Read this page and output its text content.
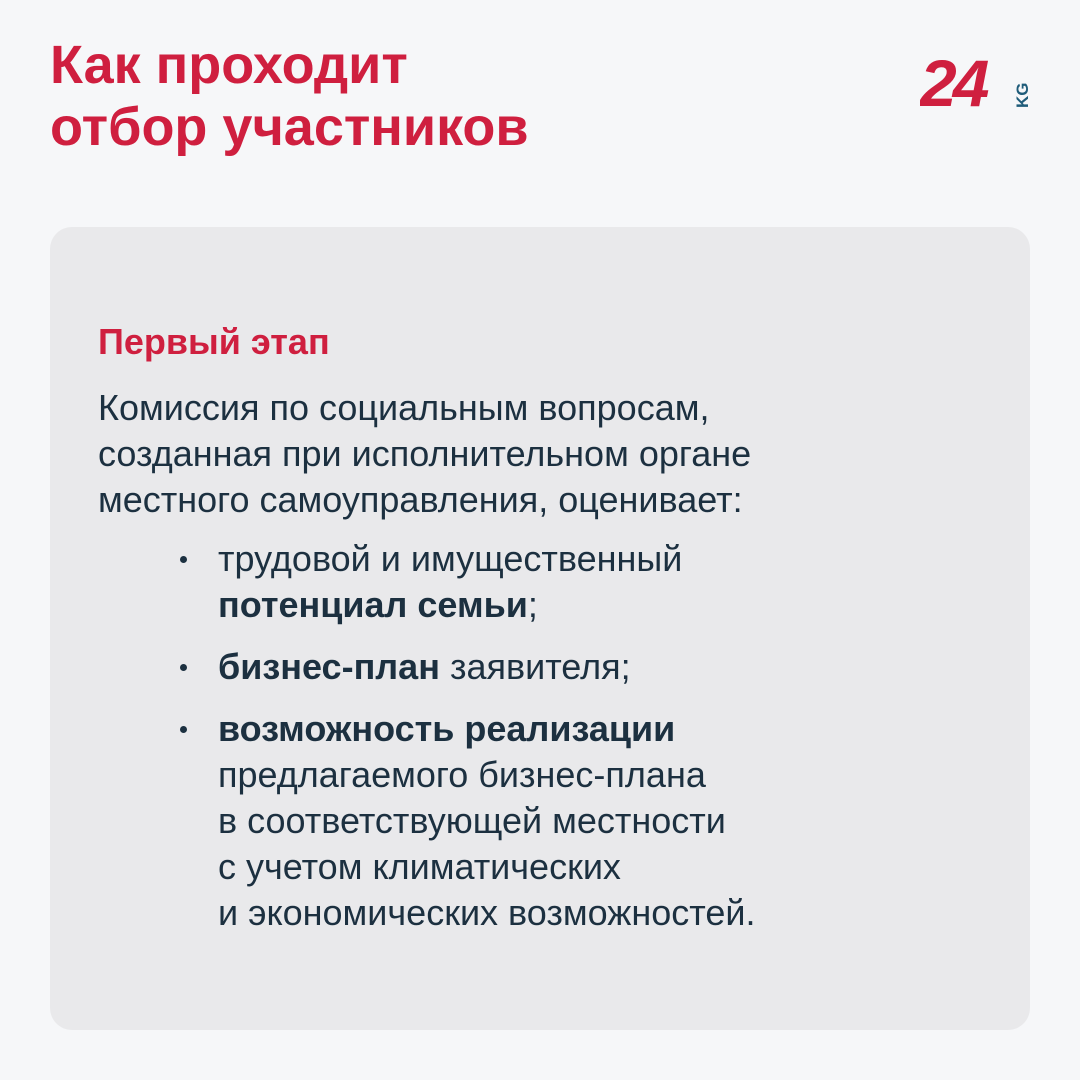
Как проходит
отбор участников
24 KG
Первый этап

Комиссия по социальным вопросам,
созданная при исполнительном органе
местного самоуправления, оценивает:

трудовой и имущественный
потенциал семьи;
бизнес-план заявителя;
возможность реализации
предлагаемого бизнес-плана
в соответствующей местности
с учетом климатических
и экономических возможностей.
